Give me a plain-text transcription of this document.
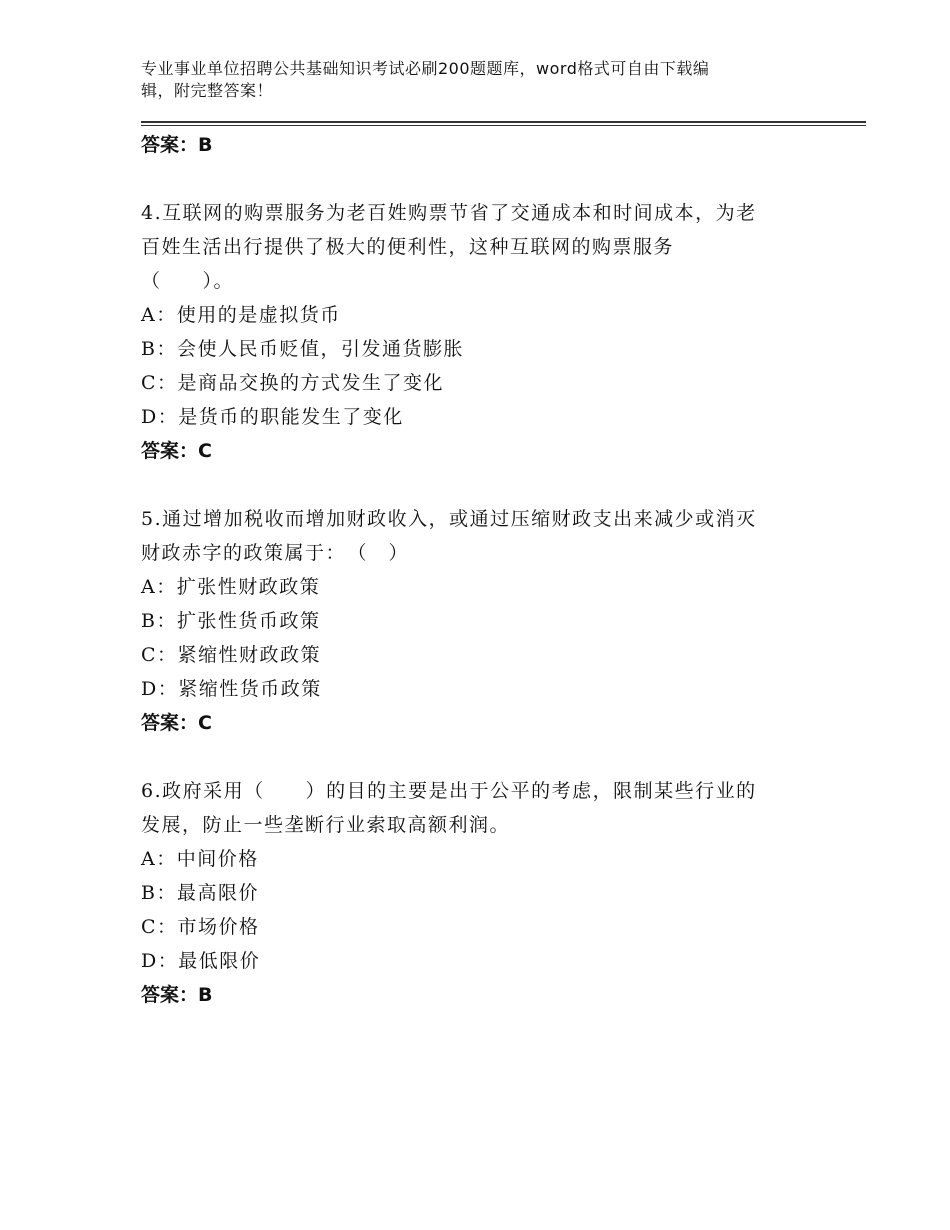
专业事业单位招聘公共基础知识考试必刷200题题库，word格式可自由下载编
辑，附完整答案！
答案：B
4.互联网的购票服务为老百姓购票节省了交通成本和时间成本，为老
百姓生活出行提供了极大的便利性，这种互联网的购票服务
（　　）。
A：使用的是虚拟货币
B：会使人民币贬值，引发通货膨胀
C：是商品交换的方式发生了变化
D：是货币的职能发生了变化
答案：C
5.通过增加税收而增加财政收入，或通过压缩财政支出来减少或消灭
财政赤字的政策属于：　（　）
A：扩张性财政政策
B：扩张性货币政策
C：紧缩性财政政策
D：紧缩性货币政策
答案：C
6.政府采用（　　）的目的主要是出于公平的考虑，限制某些行业的
发展，防止一些垄断行业索取高额利润。
A：中间价格
B：最高限价
C：市场价格
D：最低限价
答案：B
